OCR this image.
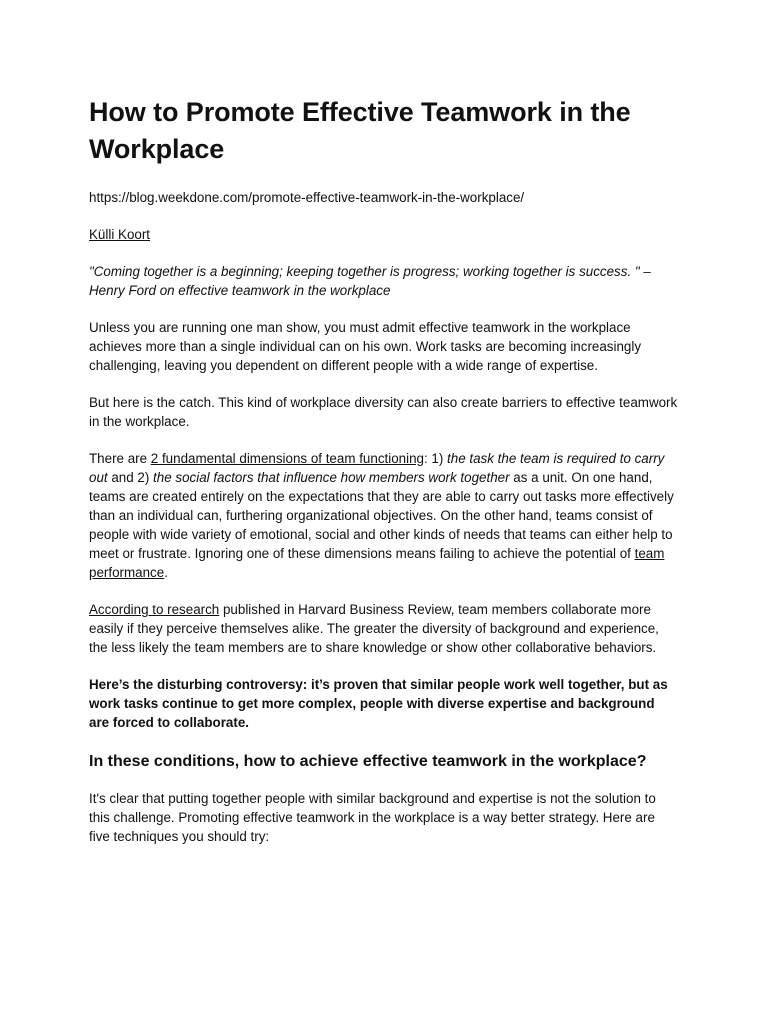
How to Promote Effective Teamwork in the Workplace

https://blog.weekdone.com/promote-effective-teamwork-in-the-workplace/

Külli Koort

"Coming together is a beginning; keeping together is progress; working together is success. " – Henry Ford on effective teamwork in the workplace

Unless you are running one man show, you must admit effective teamwork in the workplace achieves more than a single individual can on his own. Work tasks are becoming increasingly challenging, leaving you dependent on different people with a wide range of expertise.

But here is the catch. This kind of workplace diversity can also create barriers to effective teamwork in the workplace.

There are 2 fundamental dimensions of team functioning: 1) the task the team is required to carry out and 2) the social factors that influence how members work together as a unit. On one hand, teams are created entirely on the expectations that they are able to carry out tasks more effectively than an individual can, furthering organizational objectives. On the other hand, teams consist of people with wide variety of emotional, social and other kinds of needs that teams can either help to meet or frustrate. Ignoring one of these dimensions means failing to achieve the potential of team performance.

According to research published in Harvard Business Review, team members collaborate more easily if they perceive themselves alike. The greater the diversity of background and experience, the less likely the team members are to share knowledge or show other collaborative behaviors.

Here’s the disturbing controversy: it’s proven that similar people work well together, but as work tasks continue to get more complex, people with diverse expertise and background are forced to collaborate.

In these conditions, how to achieve effective teamwork in the workplace?

It's clear that putting together people with similar background and expertise is not the solution to this challenge. Promoting effective teamwork in the workplace is a way better strategy. Here are five techniques you should try:
